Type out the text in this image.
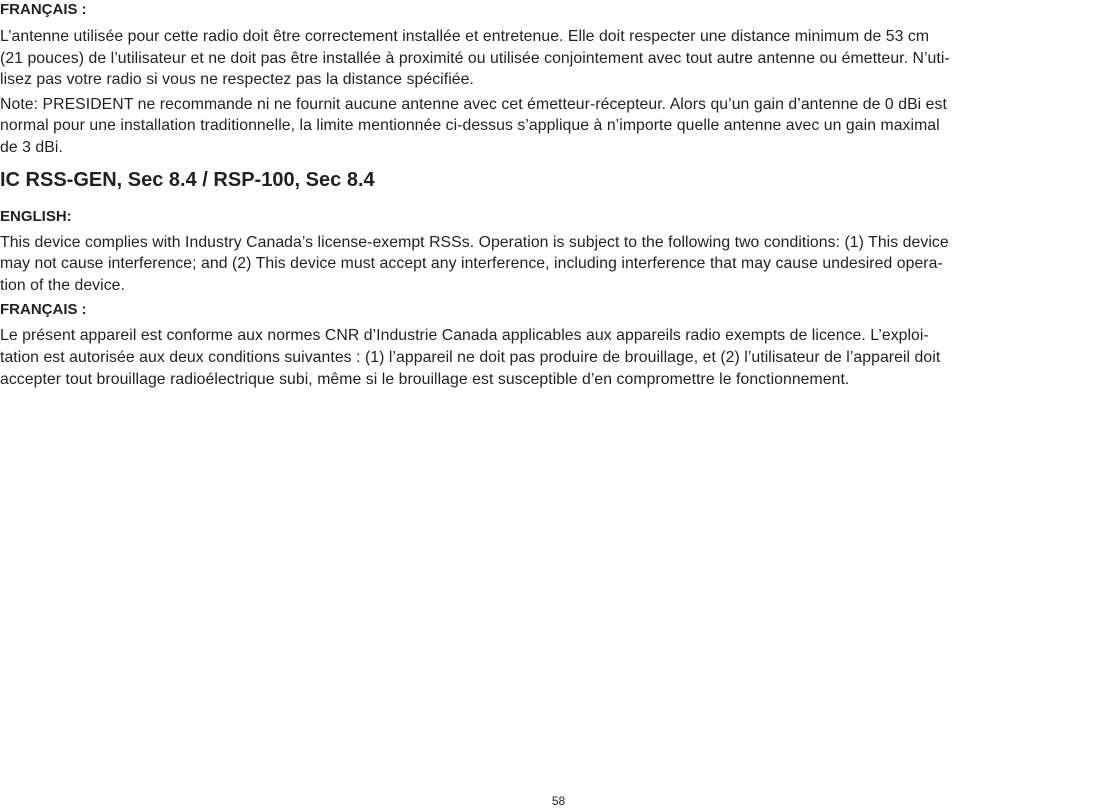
FRANÇAIS :

L’antenne utilisée pour cette radio doit être correctement installée et entretenue. Elle doit respecter une distance minimum de 53 cm
(21 pouces) de l’utilisateur et ne doit pas être installée à proximité ou utilisée conjointement avec tout autre antenne ou émetteur. N’uti-
lisez pas votre radio si vous ne respectez pas la distance spécifiée.

Note: PRESIDENT ne recommande ni ne fournit aucune antenne avec cet émetteur-récepteur. Alors qu’un gain d’antenne de 0 dBi est
normal pour une installation traditionnelle, la limite mentionnée ci-dessus s’applique à n’importe quelle antenne avec un gain maximal
de 3 dBi.

IC RSS-GEN, Sec 8.4 / RSP-100, Sec 8.4

ENGLISH:

This device complies with Industry Canada’s license-exempt RSSs. Operation is subject to the following two conditions: (1) This device
may not cause interference; and (2) This device must accept any interference, including interference that may cause undesired opera-
tion of the device.

FRANÇAIS :

Le présent appareil est conforme aux normes CNR d’Industrie Canada applicables aux appareils radio exempts de licence. L’exploi-
tation est autorisée aux deux conditions suivantes : (1) l’appareil ne doit pas produire de brouillage, et (2) l’utilisateur de l’appareil doit
accepter tout brouillage radioélectrique subi, même si le brouillage est susceptible d’en compromettre le fonctionnement.

58
